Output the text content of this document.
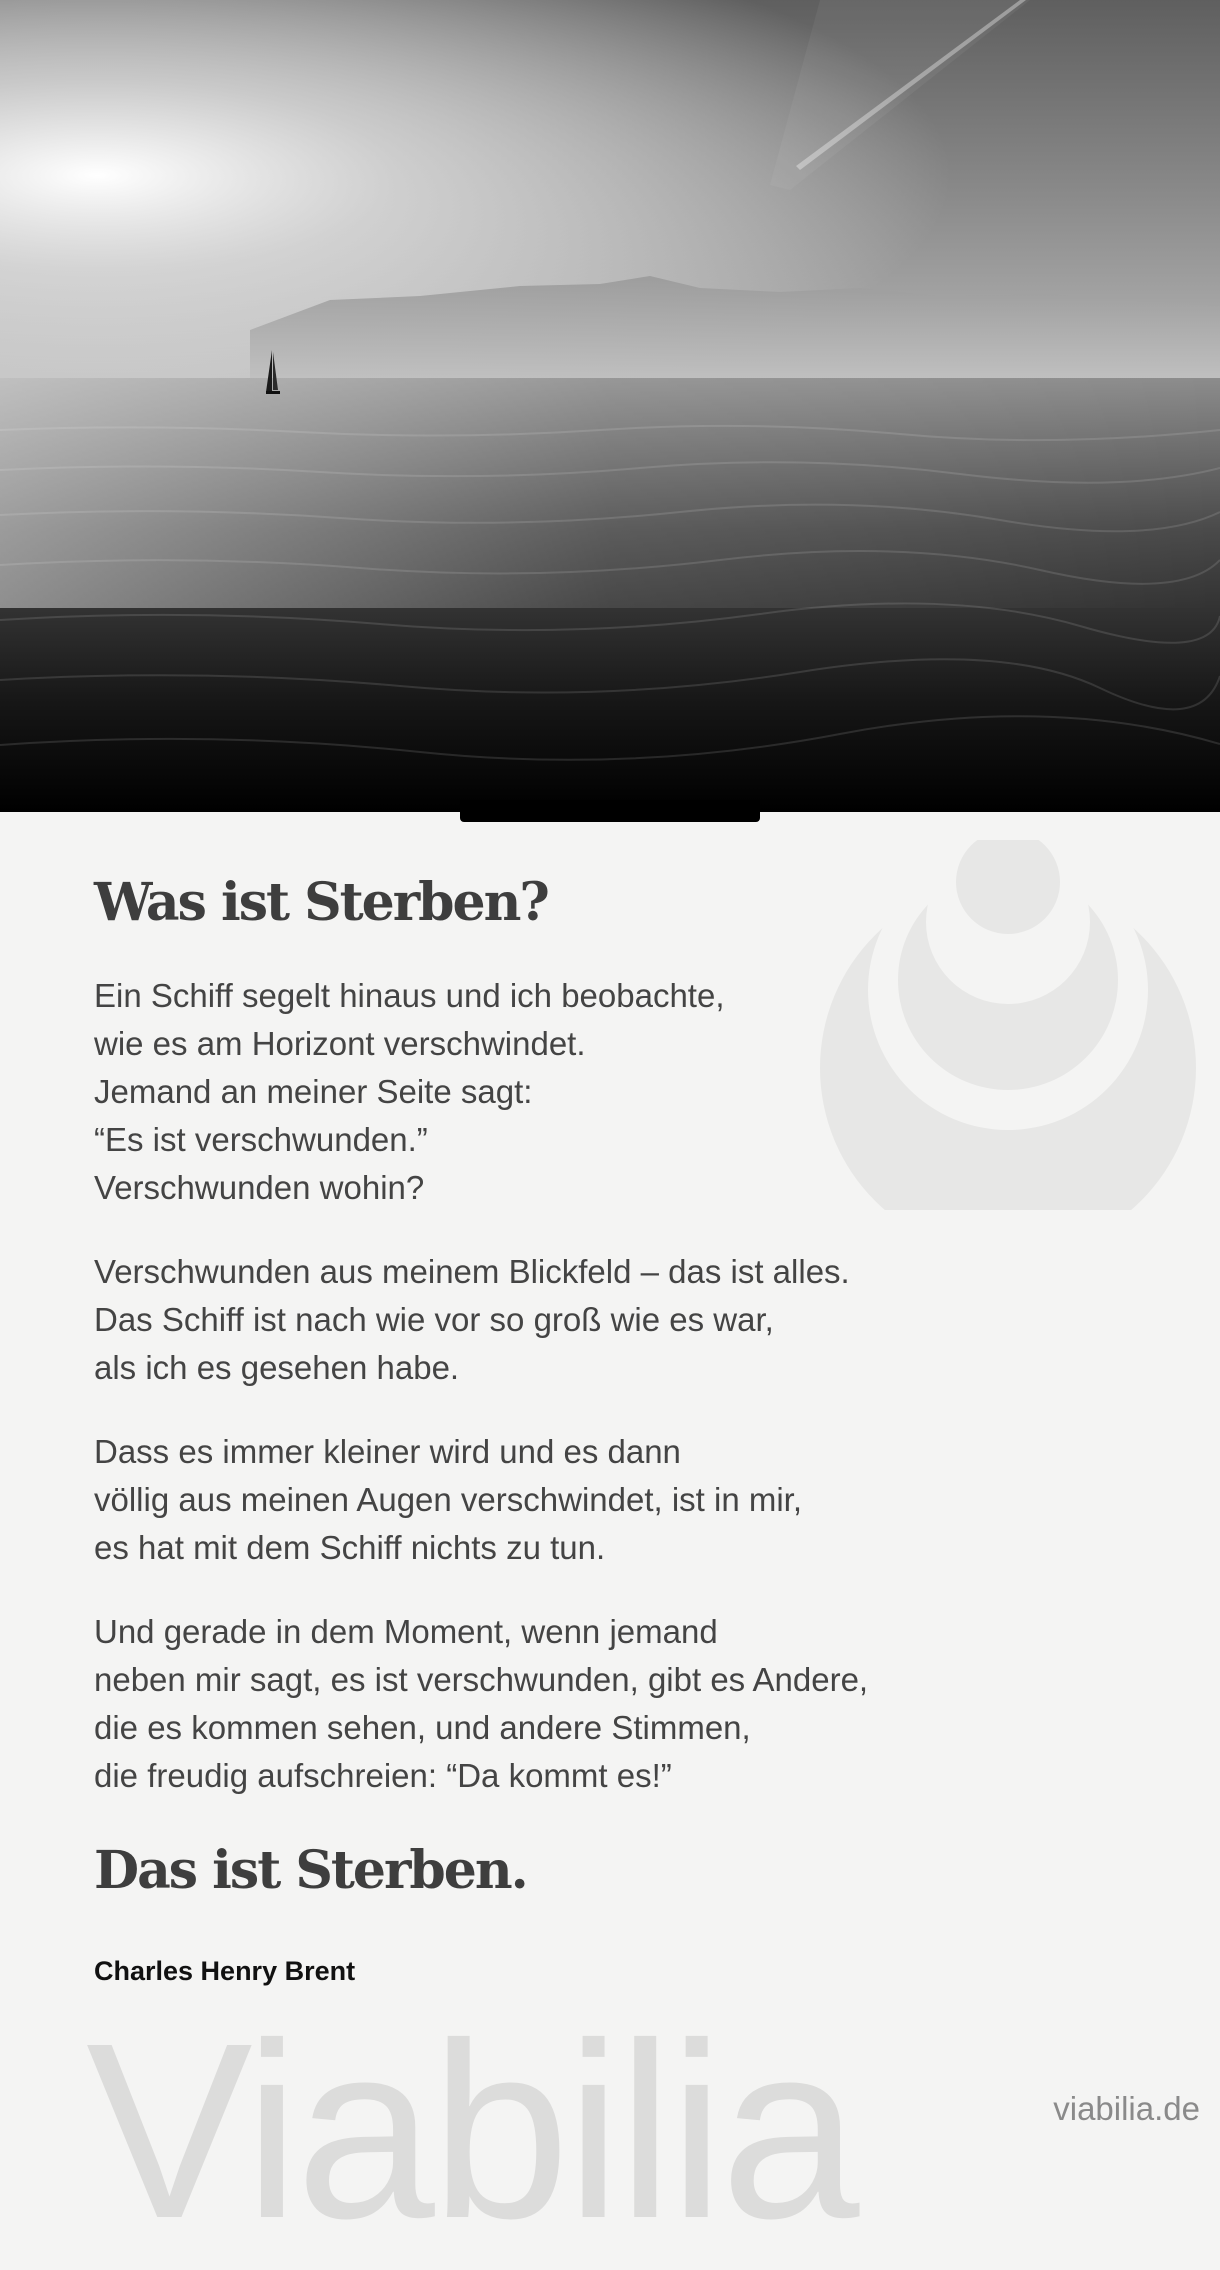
Was ist Sterben?

Ein Schiff segelt hinaus und ich beobachte,
wie es am Horizont verschwindet.
Jemand an meiner Seite sagt:
“Es ist verschwunden.”
Verschwunden wohin?

Verschwunden aus meinem Blickfeld – das ist alles.
Das Schiff ist nach wie vor so groß wie es war,
als ich es gesehen habe.

Dass es immer kleiner wird und es dann
völlig aus meinen Augen verschwindet, ist in mir,
es hat mit dem Schiff nichts zu tun.

Und gerade in dem Moment, wenn jemand
neben mir sagt, es ist verschwunden, gibt es Andere,
die es kommen sehen, und andere Stimmen,
die freudig aufschreien: “Da kommt es!”

Das ist Sterben.
Charles Henry Brent
Viabilia	viabilia.de
